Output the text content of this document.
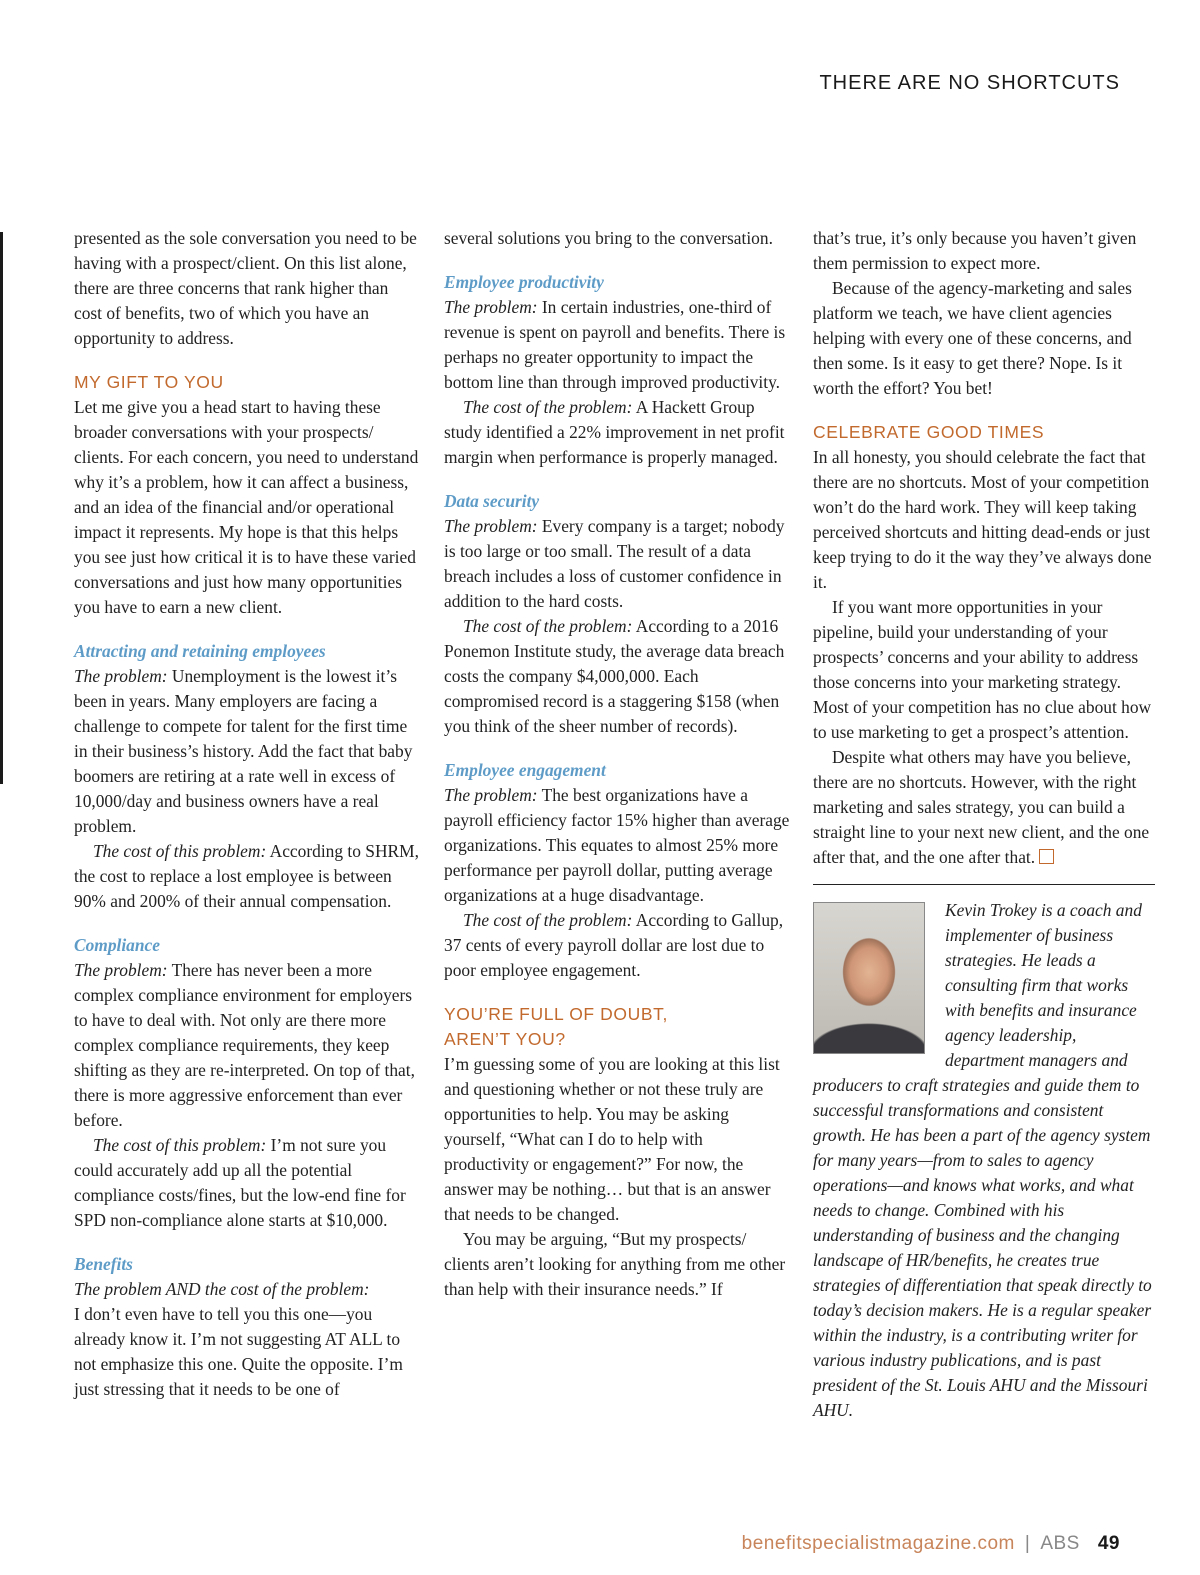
THERE ARE NO SHORTCUTS

presented as the sole conversation you need to be having with a prospect/client. On this list alone, there are three concerns that rank higher than cost of benefits, two of which you have an opportunity to address.

MY GIFT TO YOU

Let me give you a head start to having these broader conversations with your prospects/ clients. For each concern, you need to understand why it’s a problem, how it can affect a business, and an idea of the financial and/or operational impact it represents. My hope is that this helps you see just how critical it is to have these varied conversations and just how many opportunities you have to earn a new client.

Attracting and retaining employees

The problem: Unemployment is the lowest it’s been in years. Many employers are facing a challenge to compete for talent for the first time in their business’s history. Add the fact that baby boomers are retiring at a rate well in excess of 10,000/day and business owners have a real problem.

The cost of this problem: According to SHRM, the cost to replace a lost employee is between 90% and 200% of their annual compensation.

Compliance

The problem: There has never been a more complex compliance environment for employers to have to deal with. Not only are there more complex compliance requirements, they keep shifting as they are re-interpreted. On top of that, there is more aggressive enforcement than ever before.

The cost of this problem: I’m not sure you could accurately add up all the potential compliance costs/fines, but the low-end fine for SPD non-compliance alone starts at $10,000.

Benefits

The problem AND the cost of the problem:

I don’t even have to tell you this one—you already know it. I’m not suggesting AT ALL to not emphasize this one. Quite the opposite. I’m just stressing that it needs to be one of

several solutions you bring to the conversation.

Employee productivity

The problem: In certain industries, one-third of revenue is spent on payroll and benefits. There is perhaps no greater opportunity to impact the bottom line than through improved productivity.

The cost of the problem: A Hackett Group study identified a 22% improvement in net profit margin when performance is properly managed.

Data security

The problem: Every company is a target; nobody is too large or too small. The result of a data breach includes a loss of customer confidence in addition to the hard costs.

The cost of the problem: According to a 2016 Ponemon Institute study, the average data breach costs the company $4,000,000. Each compromised record is a staggering $158 (when you think of the sheer number of records).

Employee engagement

The problem: The best organizations have a payroll efficiency factor 15% higher than average organizations. This equates to almost 25% more performance per payroll dollar, putting average organizations at a huge disadvantage.

The cost of the problem: According to Gallup, 37 cents of every payroll dollar are lost due to poor employee engagement.

YOU’RE FULL OF DOUBT,
AREN’T YOU?

I’m guessing some of you are looking at this list and questioning whether or not these truly are opportunities to help. You may be asking yourself, “What can I do to help with productivity or engagement?” For now, the answer may be nothing… but that is an answer that needs to be changed.

You may be arguing, “But my prospects/ clients aren’t looking for anything from me other than help with their insurance needs.” If

that’s true, it’s only because you haven’t given them permission to expect more.

Because of the agency-marketing and sales platform we teach, we have client agencies helping with every one of these concerns, and then some. Is it easy to get there? Nope. Is it worth the effort? You bet!

CELEBRATE GOOD TIMES

In all honesty, you should celebrate the fact that there are no shortcuts. Most of your competition won’t do the hard work. They will keep taking perceived shortcuts and hitting dead-ends or just keep trying to do it the way they’ve always done it.

If you want more opportunities in your pipeline, build your understanding of your prospects’ concerns and your ability to address those concerns into your marketing strategy. Most of your competition has no clue about how to use marketing to get a prospect’s attention.

Despite what others may have you believe, there are no shortcuts. However, with the right marketing and sales strategy, you can build a straight line to your next new client, and the one after that, and the one after that.

Kevin Trokey is a coach and implementer of business strategies. He leads a consulting firm that works with benefits and insurance agency leadership, department managers and producers to craft strategies and guide them to successful transformations and consistent growth. He has been a part of the agency system for many years—from to sales to agency operations—and knows what works, and what needs to change. Combined with his understanding of business and the changing landscape of HR/benefits, he creates true strategies of differentiation that speak directly to today’s decision makers. He is a regular speaker within the industry, is a contributing writer for various industry publications, and is past president of the St. Louis AHU and the Missouri AHU.
benefitspecialistmagazine.com | ABS 49
